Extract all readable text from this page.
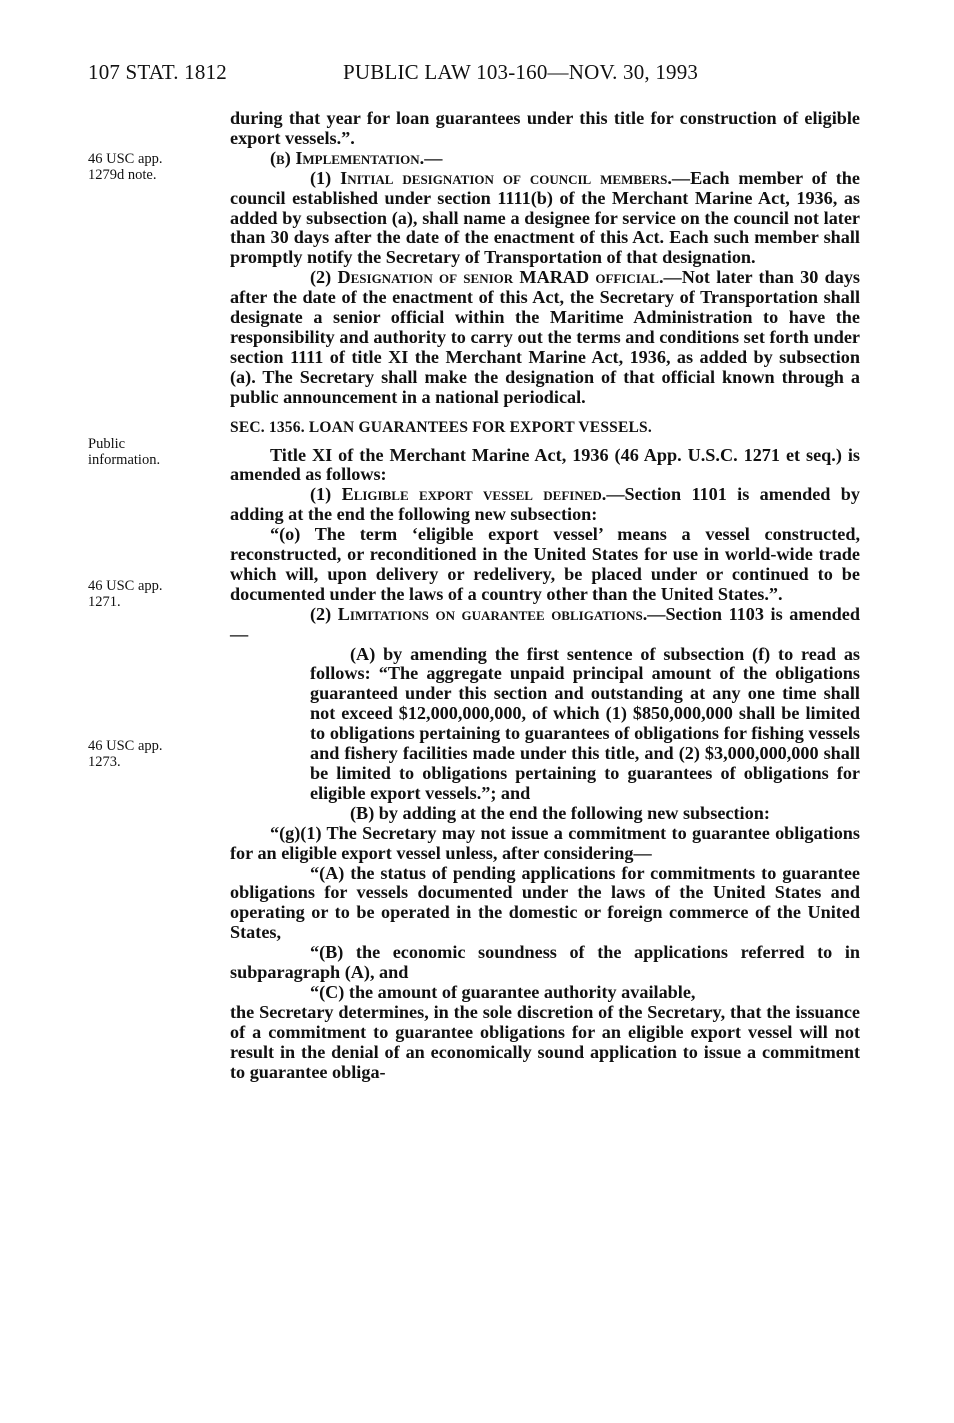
107 STAT. 1812	PUBLIC LAW 103-160—NOV. 30, 1993
46 USC app.
1279d note.
Public
information.
46 USC app.
1271.
46 USC app.
1273.

during that year for loan guarantees under this title for construction of eligible export vessels.”.

(b) Implementation.—

(1) Initial designation of council members.—Each member of the council established under section 1111(b) of the Merchant Marine Act, 1936, as added by subsection (a), shall name a designee for service on the council not later than 30 days after the date of the enactment of this Act. Each such member shall promptly notify the Secretary of Transportation of that designation.

(2) Designation of senior MARAD official.—Not later than 30 days after the date of the enactment of this Act, the Secretary of Transportation shall designate a senior official within the Maritime Administration to have the responsibility and authority to carry out the terms and conditions set forth under section 1111 of title XI the Merchant Marine Act, 1936, as added by subsection (a). The Secretary shall make the designation of that official known through a public announcement in a national periodical.

SEC. 1356. LOAN GUARANTEES FOR EXPORT VESSELS.

Title XI of the Merchant Marine Act, 1936 (46 App. U.S.C. 1271 et seq.) is amended as follows:

(1) Eligible export vessel defined.—Section 1101 is amended by adding at the end the following new subsection:

“(o) The term ‘eligible export vessel’ means a vessel constructed, reconstructed, or reconditioned in the United States for use in world-wide trade which will, upon delivery or redelivery, be placed under or continued to be documented under the laws of a country other than the United States.”.

(2) Limitations on guarantee obligations.—Section 1103 is amended—

(A) by amending the first sentence of subsection (f) to read as follows: “The aggregate unpaid principal amount of the obligations guaranteed under this section and outstanding at any one time shall not exceed $12,000,000,000, of which (1) $850,000,000 shall be limited to obligations pertaining to guarantees of obligations for fishing vessels and fishery facilities made under this title, and (2) $3,000,000,000 shall be limited to obligations pertaining to guarantees of obligations for eligible export vessels.”; and

(B) by adding at the end the following new subsection:

“(g)(1) The Secretary may not issue a commitment to guarantee obligations for an eligible export vessel unless, after considering—

“(A) the status of pending applications for commitments to guarantee obligations for vessels documented under the laws of the United States and operating or to be operated in the domestic or foreign commerce of the United States,

“(B) the economic soundness of the applications referred to in subparagraph (A), and

“(C) the amount of guarantee authority available,

the Secretary determines, in the sole discretion of the Secretary, that the issuance of a commitment to guarantee obligations for an eligible export vessel will not result in the denial of an economically sound application to issue a commitment to guarantee obliga-
